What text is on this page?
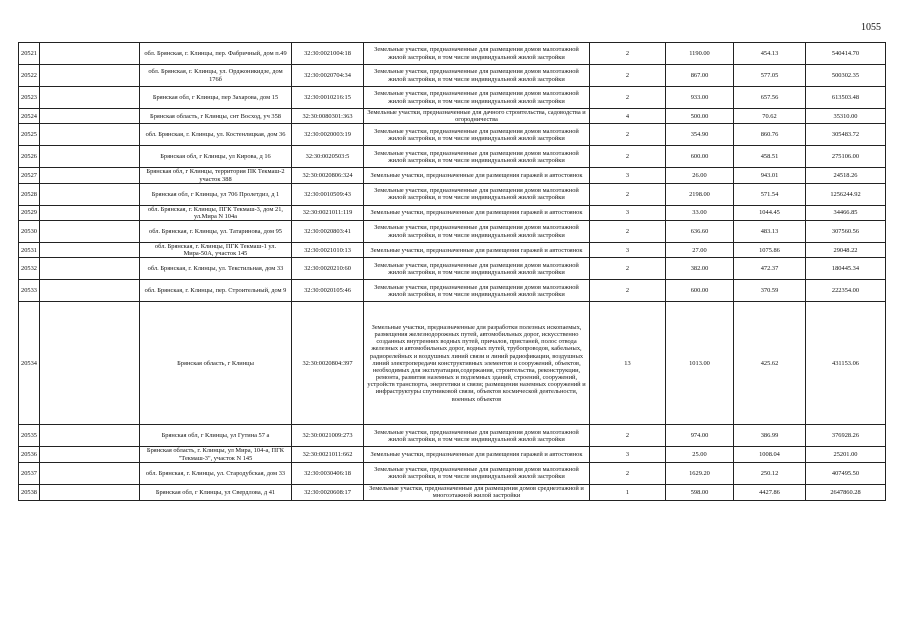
1055
20521		обл. Брянская, г. Клинцы, пер. Фабричный, дом п.49	32:30:0021004:18	Земельные участки, предназначенные для размещения домов малоэтажной жилой застройки, в том числе индивидуальной жилой застройки	2	1190.00	454.13	540414.70
20522		обл. Брянская, г. Клинцы, ул. Орджоникидзе, дом 176б	32:30:0020704:34	Земельные участки, предназначенные для размещения домов малоэтажной жилой застройки, в том числе индивидуальной жилой застройки	2	867.00	577.05	500302.35
20523		Брянская обл, г Клинцы, пер Захарова, дом 15	32:30:0010216:15	Земельные участки, предназначенные для размещения домов малоэтажной жилой застройки, в том числе индивидуальной жилой застройки	2	933.00	657.56	613503.48
20524		Брянская область, г Клинцы, снт Восход, уч 358	32:30:0080301:363	Земельные участки, предназначенные для дачного строительства, садоводства и огородничества	4	500.00	70.62	35310.00
20525		обл. Брянская, г. Клинцы, ул. Костенлицкая, дом 36	32:30:0020003:19	Земельные участки, предназначенные для размещения домов малоэтажной жилой застройки, в том числе индивидуальной жилой застройки	2	354.90	860.76	305483.72
20526		Брянская обл, г Клинцы, ул Кирова, д 16	32:30:0020503:5	Земельные участки, предназначенные для размещения домов малоэтажной жилой застройки, в том числе индивидуальной жилой застройки	2	600.00	458.51	275106.00
20527		Брянская обл, г Клинцы, территория ПК Текмаш-2 участок 388	32:30:0020806:324	Земельные участки, предназначенные для размещения гаражей и автостоянок	3	26.00	943.01	24518.26
20528		Брянская обл, г Клинцы, ул 706 Пролетдиз, д 1	32:30:0010509:43	Земельные участки, предназначенные для размещения домов малоэтажной жилой застройки, в том числе индивидуальной жилой застройки	2	2198.00	571.54	1256244.92
20529		обл. Брянская, г. Клинцы, ПГК Текмаш-3, дом 21, ул.Мира N 104а	32:30:0021011:119	Земельные участки, предназначенные для размещения гаражей и автостоянок	3	33.00	1044.45	34466.85
20530		обл. Брянская, г. Клинцы, ул. Татаринова, дом 95	32:30:0020803:41	Земельные участки, предназначенные для размещения домов малоэтажной жилой застройки, в том числе индивидуальной жилой застройки	2	636.60	483.13	307560.56
20531		обл. Брянская, г. Клинцы, ПГК Текмаш-1 ул. Мира-50А, участок 145	32:30:0021010:13	Земельные участки, предназначенные для размещения гаражей и автостоянок	3	27.00	1075.86	29048.22
20532		обл. Брянская, г. Клинцы, ул. Текстильная, дом 33	32:30:0020210:60	Земельные участки, предназначенные для размещения домов малоэтажной жилой застройки, в том числе индивидуальной жилой застройки	2	382.00	472.37	180445.34
20533		обл. Брянская, г. Клинцы, пер. Строительный, дом 9	32:30:0020105:46	Земельные участки, предназначенные для размещения домов малоэтажной жилой застройки, в том числе индивидуальной жилой застройки	2	600.00	370.59	222354.00
20534		Брянская область, г Клинцы	32:30:0020804:397	Земельные участки, предназначенные для разработки полезных ископаемых, размещения железнодорожных путей, автомобильных дорог, искусственно созданных внутренних водных путей, причалов, пристаней, полос отвода железных и автомобильных дорог, водных путей, трубопроводов, кабельных, радиорелейных и воздушных линий связи и линий радиофикации, воздушных линий электропередачи конструктивных элементов и сооружений, объектов, необходимых для эксплуатации,содержания, строительства, реконструкции, ремонта, развития наземных и подземных зданий, строений, сооружений, устройств транспорта, энергетики и связи; размещения наземных сооружений и инфраструктуры спутниковой связи, объектов космической деятельности, военных объектов	13	1013.00	425.62	431153.06
20535		Брянская обл, г Клинцы, ул Гутина 57 а	32:30:0021009:273	Земельные участки, предназначенные для размещения домов малоэтажной жилой застройки, в том числе индивидуальной жилой застройки	2	974.00	386.99	376928.26
20536		Брянская область, г. Клинцы, ул Мира, 104-а, ПГК "Текмаш-3", участок N 145	32:30:0021011:662	Земельные участки, предназначенные для размещения гаражей и автостоянок	3	25.00	1008.04	25201.00
20537		обл. Брянская, г. Клинцы, ул. Стародубская, дом 33	32:30:0030406:18	Земельные участки, предназначенные для размещения домов малоэтажной жилой застройки, в том числе индивидуальной жилой застройки	2	1629.20	250.12	407495.50
20538		Брянская обл, г Клинцы, ул Свердлова, д 41	32:30:0020608:17	Земельные участки, предназначенные для размещения домов среднеэтажной и многоэтажной жилой застройки	1	598.00	4427.86	2647860.28
